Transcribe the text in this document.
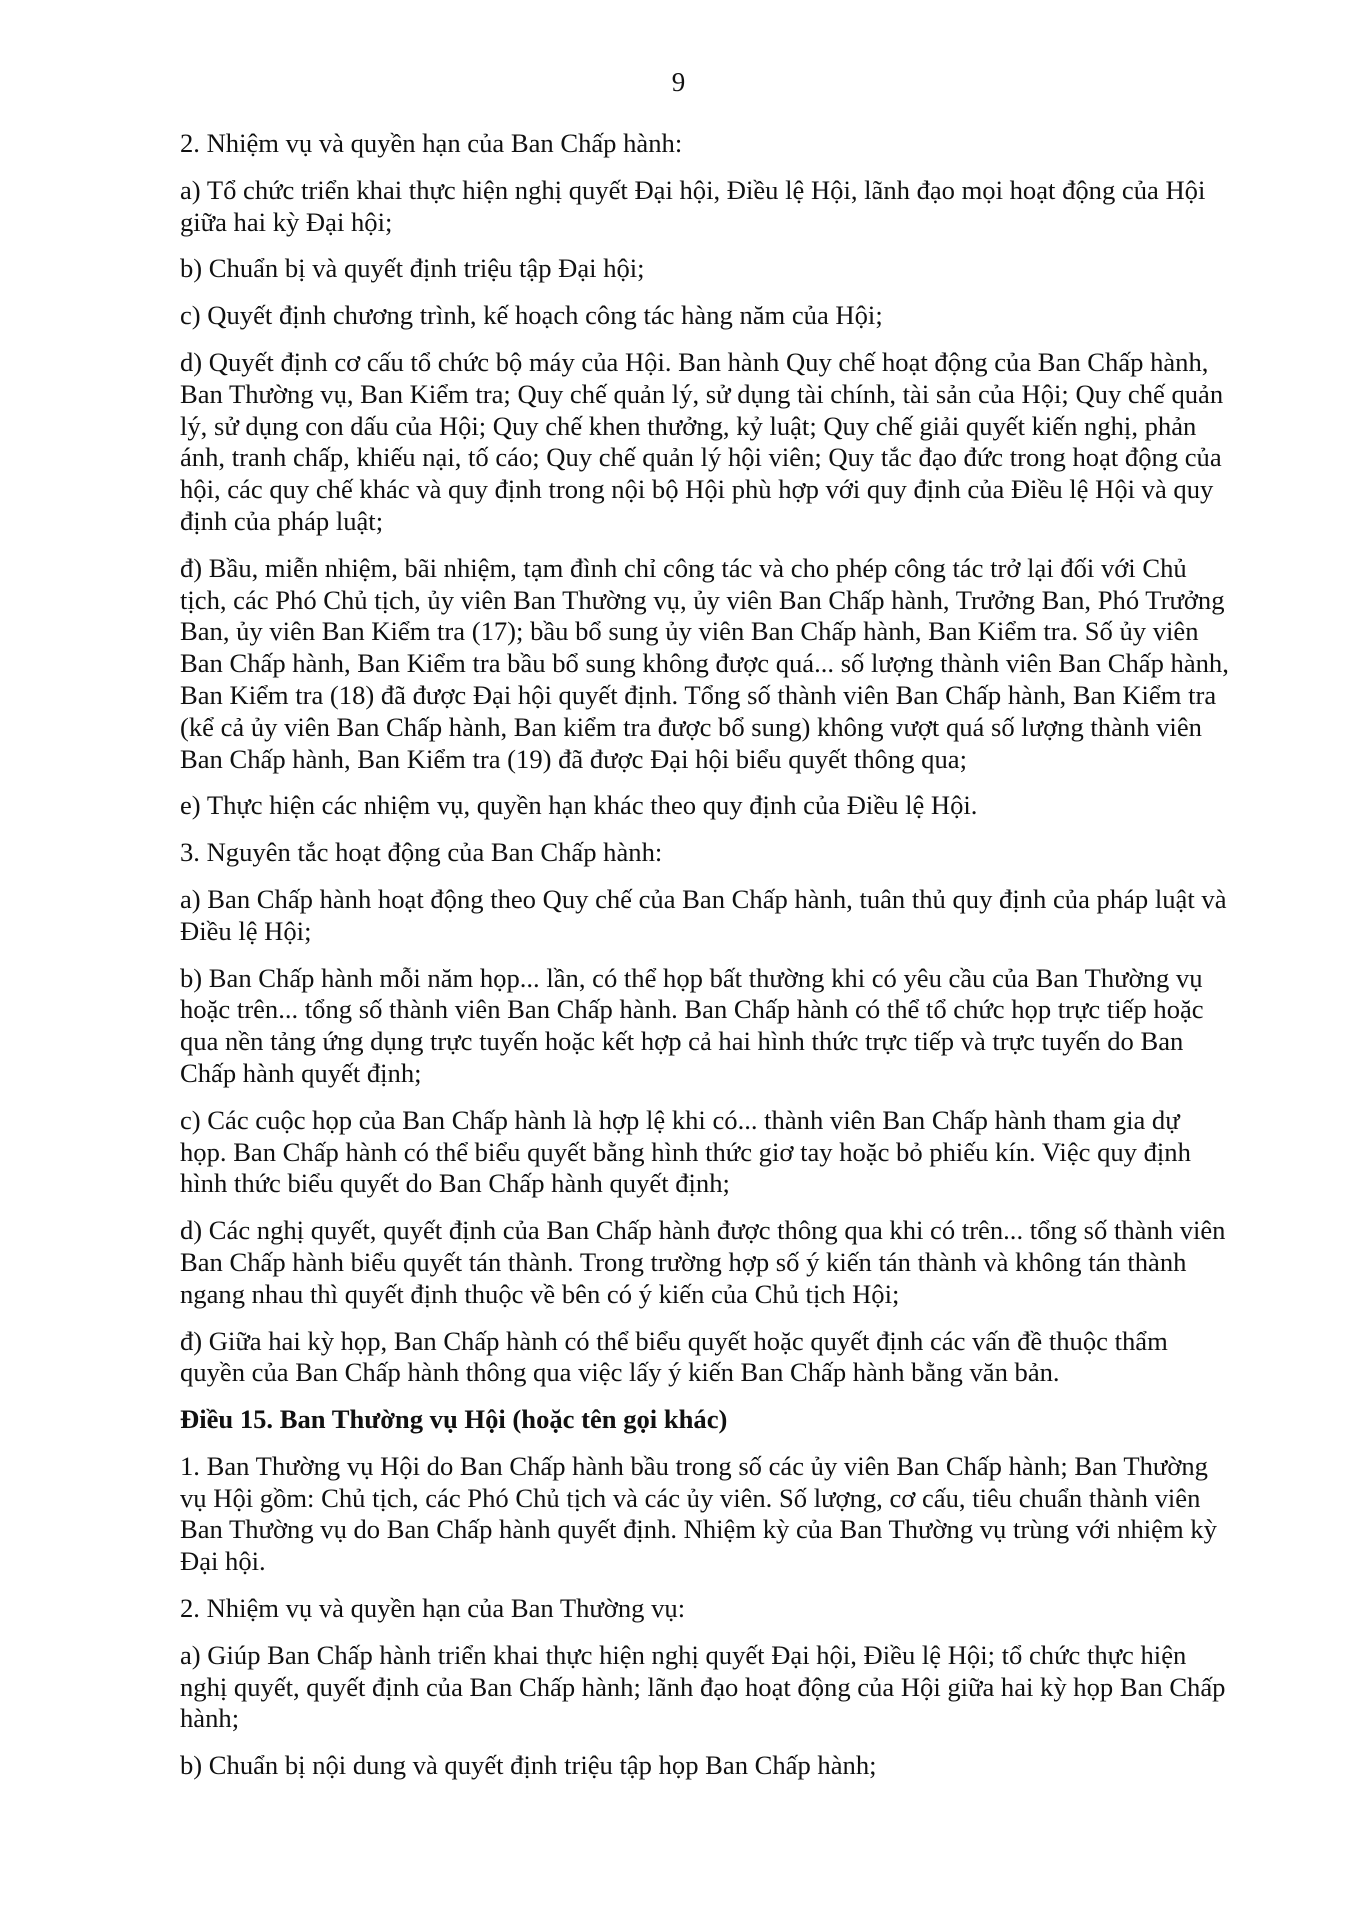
9

2. Nhiệm vụ và quyền hạn của Ban Chấp hành:

a) Tổ chức triển khai thực hiện nghị quyết Đại hội, Điều lệ Hội, lãnh đạo mọi hoạt động của Hội giữa hai kỳ Đại hội;

b) Chuẩn bị và quyết định triệu tập Đại hội;

c) Quyết định chương trình, kế hoạch công tác hàng năm của Hội;

d) Quyết định cơ cấu tổ chức bộ máy của Hội. Ban hành Quy chế hoạt động của Ban Chấp hành, Ban Thường vụ, Ban Kiểm tra; Quy chế quản lý, sử dụng tài chính, tài sản của Hội; Quy chế quản lý, sử dụng con dấu của Hội; Quy chế khen thưởng, kỷ luật; Quy chế giải quyết kiến nghị, phản ánh, tranh chấp, khiếu nại, tố cáo; Quy chế quản lý hội viên; Quy tắc đạo đức trong hoạt động của hội, các quy chế khác và quy định trong nội bộ Hội phù hợp với quy định của Điều lệ Hội và quy định của pháp luật;

đ) Bầu, miễn nhiệm, bãi nhiệm, tạm đình chỉ công tác và cho phép công tác trở lại đối với Chủ tịch, các Phó Chủ tịch, ủy viên Ban Thường vụ, ủy viên Ban Chấp hành, Trưởng Ban, Phó Trưởng Ban, ủy viên Ban Kiểm tra (17); bầu bổ sung ủy viên Ban Chấp hành, Ban Kiểm tra. Số ủy viên Ban Chấp hành, Ban Kiểm tra bầu bổ sung không được quá... số lượng thành viên Ban Chấp hành, Ban Kiểm tra (18) đã được Đại hội quyết định. Tổng số thành viên Ban Chấp hành, Ban Kiểm tra (kể cả ủy viên Ban Chấp hành, Ban kiểm tra được bổ sung) không vượt quá số lượng thành viên Ban Chấp hành, Ban Kiểm tra (19) đã được Đại hội biểu quyết thông qua;

e) Thực hiện các nhiệm vụ, quyền hạn khác theo quy định của Điều lệ Hội.

3. Nguyên tắc hoạt động của Ban Chấp hành:

a) Ban Chấp hành hoạt động theo Quy chế của Ban Chấp hành, tuân thủ quy định của pháp luật và Điều lệ Hội;

b) Ban Chấp hành mỗi năm họp... lần, có thể họp bất thường khi có yêu cầu của Ban Thường vụ hoặc trên... tổng số thành viên Ban Chấp hành. Ban Chấp hành có thể tổ chức họp trực tiếp hoặc qua nền tảng ứng dụng trực tuyến hoặc kết hợp cả hai hình thức trực tiếp và trực tuyến do Ban Chấp hành quyết định;

c) Các cuộc họp của Ban Chấp hành là hợp lệ khi có... thành viên Ban Chấp hành tham gia dự họp. Ban Chấp hành có thể biểu quyết bằng hình thức giơ tay hoặc bỏ phiếu kín. Việc quy định hình thức biểu quyết do Ban Chấp hành quyết định;

d) Các nghị quyết, quyết định của Ban Chấp hành được thông qua khi có trên... tổng số thành viên Ban Chấp hành biểu quyết tán thành. Trong trường hợp số ý kiến tán thành và không tán thành ngang nhau thì quyết định thuộc về bên có ý kiến của Chủ tịch Hội;

đ) Giữa hai kỳ họp, Ban Chấp hành có thể biểu quyết hoặc quyết định các vấn đề thuộc thẩm quyền của Ban Chấp hành thông qua việc lấy ý kiến Ban Chấp hành bằng văn bản.

Điều 15. Ban Thường vụ Hội (hoặc tên gọi khác)

1. Ban Thường vụ Hội do Ban Chấp hành bầu trong số các ủy viên Ban Chấp hành; Ban Thường vụ Hội gồm: Chủ tịch, các Phó Chủ tịch và các ủy viên. Số lượng, cơ cấu, tiêu chuẩn thành viên Ban Thường vụ do Ban Chấp hành quyết định. Nhiệm kỳ của Ban Thường vụ trùng với nhiệm kỳ Đại hội.

2. Nhiệm vụ và quyền hạn của Ban Thường vụ:

a) Giúp Ban Chấp hành triển khai thực hiện nghị quyết Đại hội, Điều lệ Hội; tổ chức thực hiện nghị quyết, quyết định của Ban Chấp hành; lãnh đạo hoạt động của Hội giữa hai kỳ họp Ban Chấp hành;

b) Chuẩn bị nội dung và quyết định triệu tập họp Ban Chấp hành;
